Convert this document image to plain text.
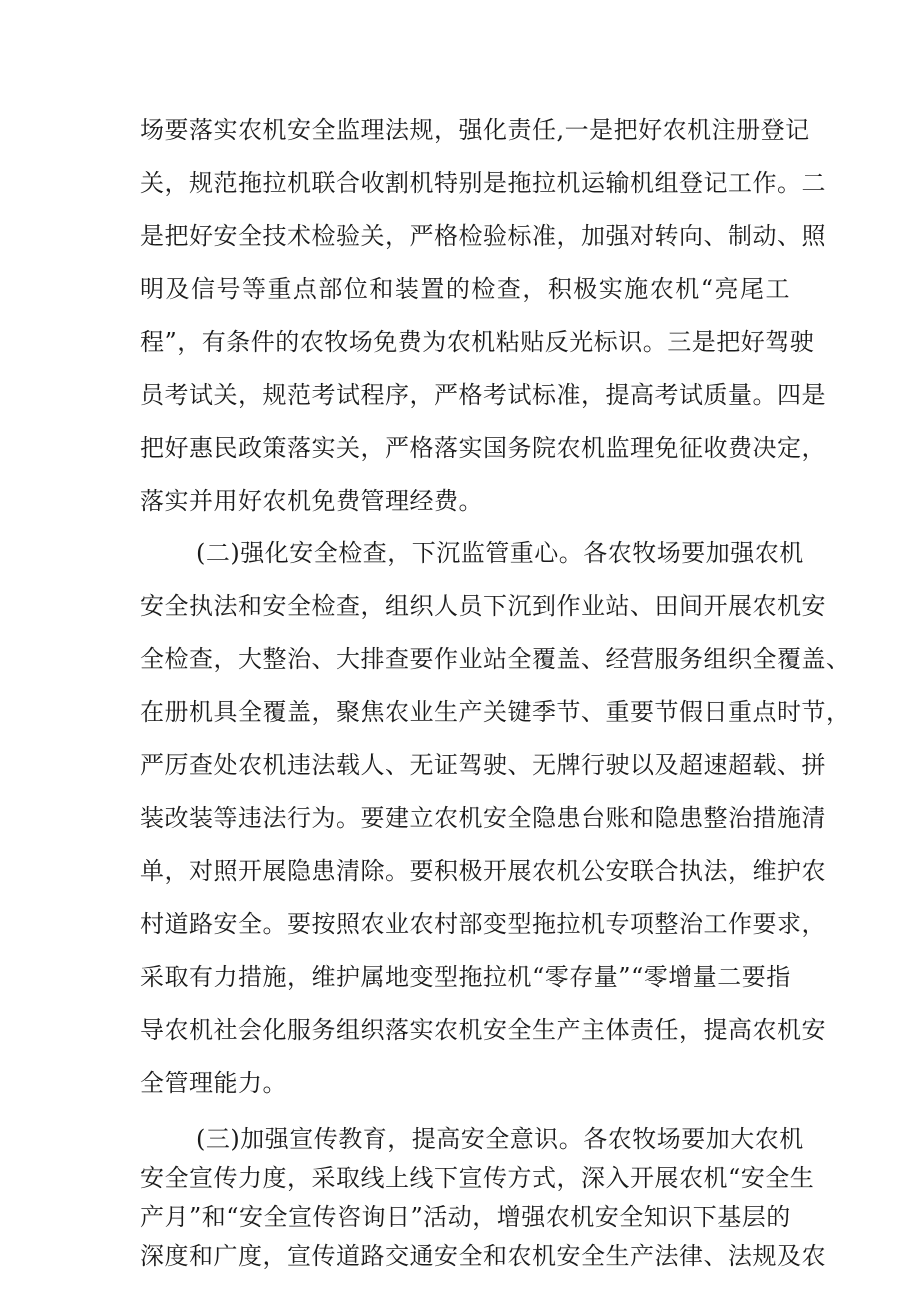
场要落实农机安全监理法规，强化责任,一是把好农机注册登记
关，规范拖拉机联合收割机特别是拖拉机运输机组登记工作。二
是把好安全技术检验关，严格检验标准，加强对转向、制动、照
明及信号等重点部位和装置的检查，积极实施农机“亮尾工
程”，有条件的农牧场免费为农机粘贴反光标识。三是把好驾驶
员考试关，规范考试程序，严格考试标准，提高考试质量。四是
把好惠民政策落实关，严格落实国务院农机监理免征收费决定，
落实并用好农机免费管理经费。
(二)强化安全检查，下沉监管重心。各农牧场要加强农机
安全执法和安全检查，组织人员下沉到作业站、田间开展农机安
全检查，大整治、大排查要作业站全覆盖、经营服务组织全覆盖、
在册机具全覆盖，聚焦农业生产关键季节、重要节假日重点时节，
严厉查处农机违法载人、无证驾驶、无牌行驶以及超速超载、拼
装改装等违法行为。要建立农机安全隐患台账和隐患整治措施清
单，对照开展隐患清除。要积极开展农机公安联合执法，维护农
村道路安全。要按照农业农村部变型拖拉机专项整治工作要求，
采取有力措施，维护属地变型拖拉机“零存量”“零增量二要指
导农机社会化服务组织落实农机安全生产主体责任，提高农机安
全管理能力。
(三)加强宣传教育，提高安全意识。各农牧场要加大农机
安全宣传力度，采取线上线下宣传方式，深入开展农机“安全生
产月”和“安全宣传咨询日”活动，增强农机安全知识下基层的
深度和广度，宣传道路交通安全和农机安全生产法律、法规及农
